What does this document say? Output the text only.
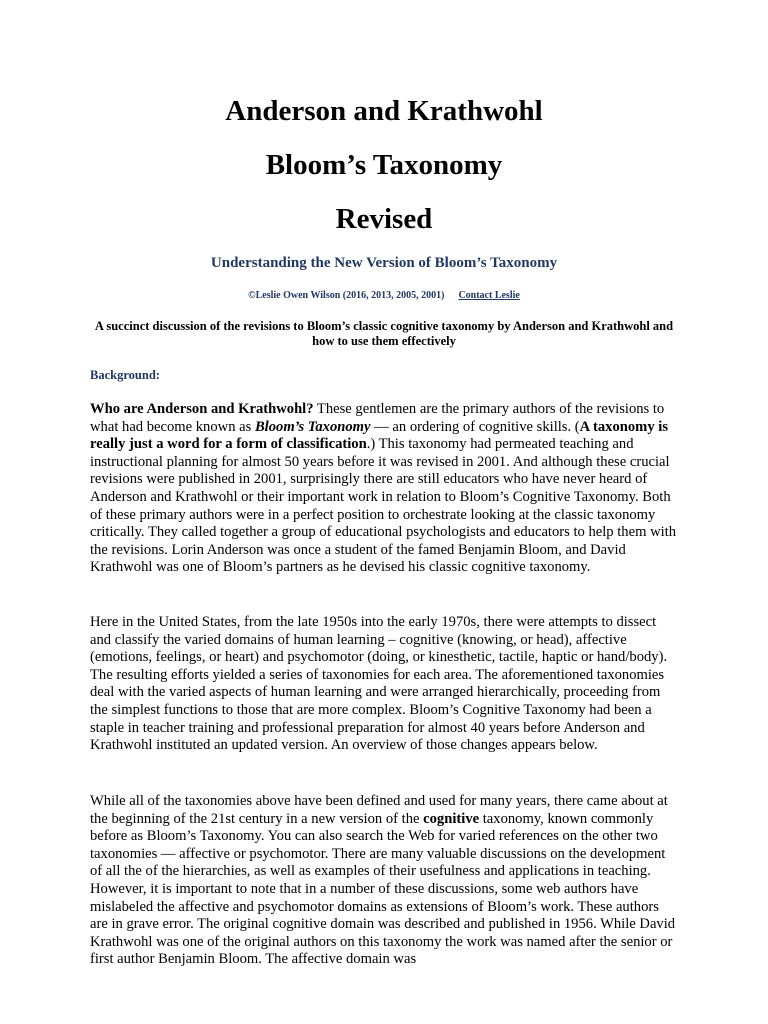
Anderson and Krathwohl
Bloom’s Taxonomy
Revised
Understanding the New Version of Bloom’s Taxonomy

©Leslie Owen Wilson (2016, 2013, 2005, 2001) Contact Leslie

A succinct discussion of the revisions to Bloom’s classic cognitive taxonomy by Anderson and Krathwohl and how to use them effectively

Background:

Who are Anderson and Krathwohl? These gentlemen are the primary authors of the revisions to what had become known as Bloom’s Taxonomy — an ordering of cognitive skills. (A taxonomy is really just a word for a form of classification.) This taxonomy had permeated teaching and instructional planning for almost 50 years before it was revised in 2001. And although these crucial revisions were published in 2001, surprisingly there are still educators who have never heard of Anderson and Krathwohl or their important work in relation to Bloom’s Cognitive Taxonomy. Both of these primary authors were in a perfect position to orchestrate looking at the classic taxonomy critically. They called together a group of educational psychologists and educators to help them with the revisions. Lorin Anderson was once a student of the famed Benjamin Bloom, and David Krathwohl was one of Bloom’s partners as he devised his classic cognitive taxonomy.

Here in the United States, from the late 1950s into the early 1970s, there were attempts to dissect and classify the varied domains of human learning – cognitive (knowing, or head), affective (emotions, feelings, or heart) and psychomotor (doing, or kinesthetic, tactile, haptic or hand/body). The resulting efforts yielded a series of taxonomies for each area. The aforementioned taxonomies deal with the varied aspects of human learning and were arranged hierarchically, proceeding from the simplest functions to those that are more complex. Bloom’s Cognitive Taxonomy had been a staple in teacher training and professional preparation for almost 40 years before Anderson and Krathwohl instituted an updated version. An overview of those changes appears below.

While all of the taxonomies above have been defined and used for many years, there came about at the beginning of the 21st century in a new version of the cognitive taxonomy, known commonly before as Bloom’s Taxonomy. You can also search the Web for varied references on the other two taxonomies — affective or psychomotor. There are many valuable discussions on the development of all the of the hierarchies, as well as examples of their usefulness and applications in teaching. However, it is important to note that in a number of these discussions, some web authors have mislabeled the affective and psychomotor domains as extensions of Bloom’s work. These authors are in grave error. The original cognitive domain was described and published in 1956. While David Krathwohl was one of the original authors on this taxonomy the work was named after the senior or first author Benjamin Bloom. The affective domain was
